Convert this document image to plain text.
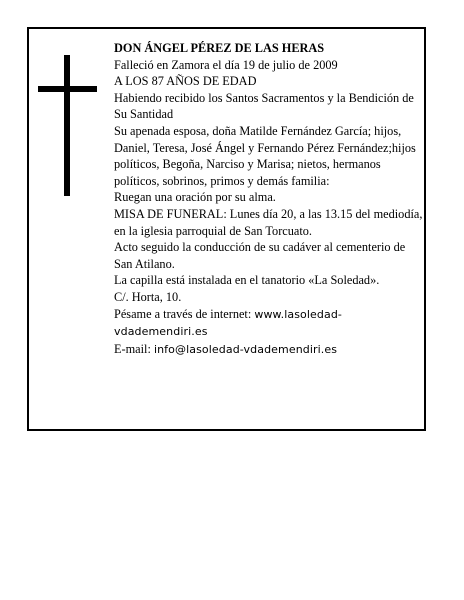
DON ÁNGEL PÉREZ DE LAS HERAS

Falleció en Zamora el día 19 de julio de 2009

A LOS 87 AÑOS DE EDAD

Habiendo recibido los Santos Sacramentos y la Bendición de Su Santidad

Su apenada esposa, doña Matilde Fernández García; hijos, Daniel, Teresa, José Ángel y Fernando Pérez Fernández;hijos políticos, Begoña, Narciso y Marisa; nietos, hermanos políticos, sobrinos, primos y demás familia:

Ruegan una oración por su alma.

MISA DE FUNERAL: Lunes día 20, a las 13.15 del mediodía, en la iglesia parroquial de San Torcuato.

Acto seguido la conducción de su cadáver al cementerio de San Atilano.

La capilla está instalada en el tanatorio «La Soledad».

C/. Horta, 10.

Pésame a través de internet: www.lasoledad-
vdademendiri.es

E-mail: info@lasoledad-vdademendiri.es
